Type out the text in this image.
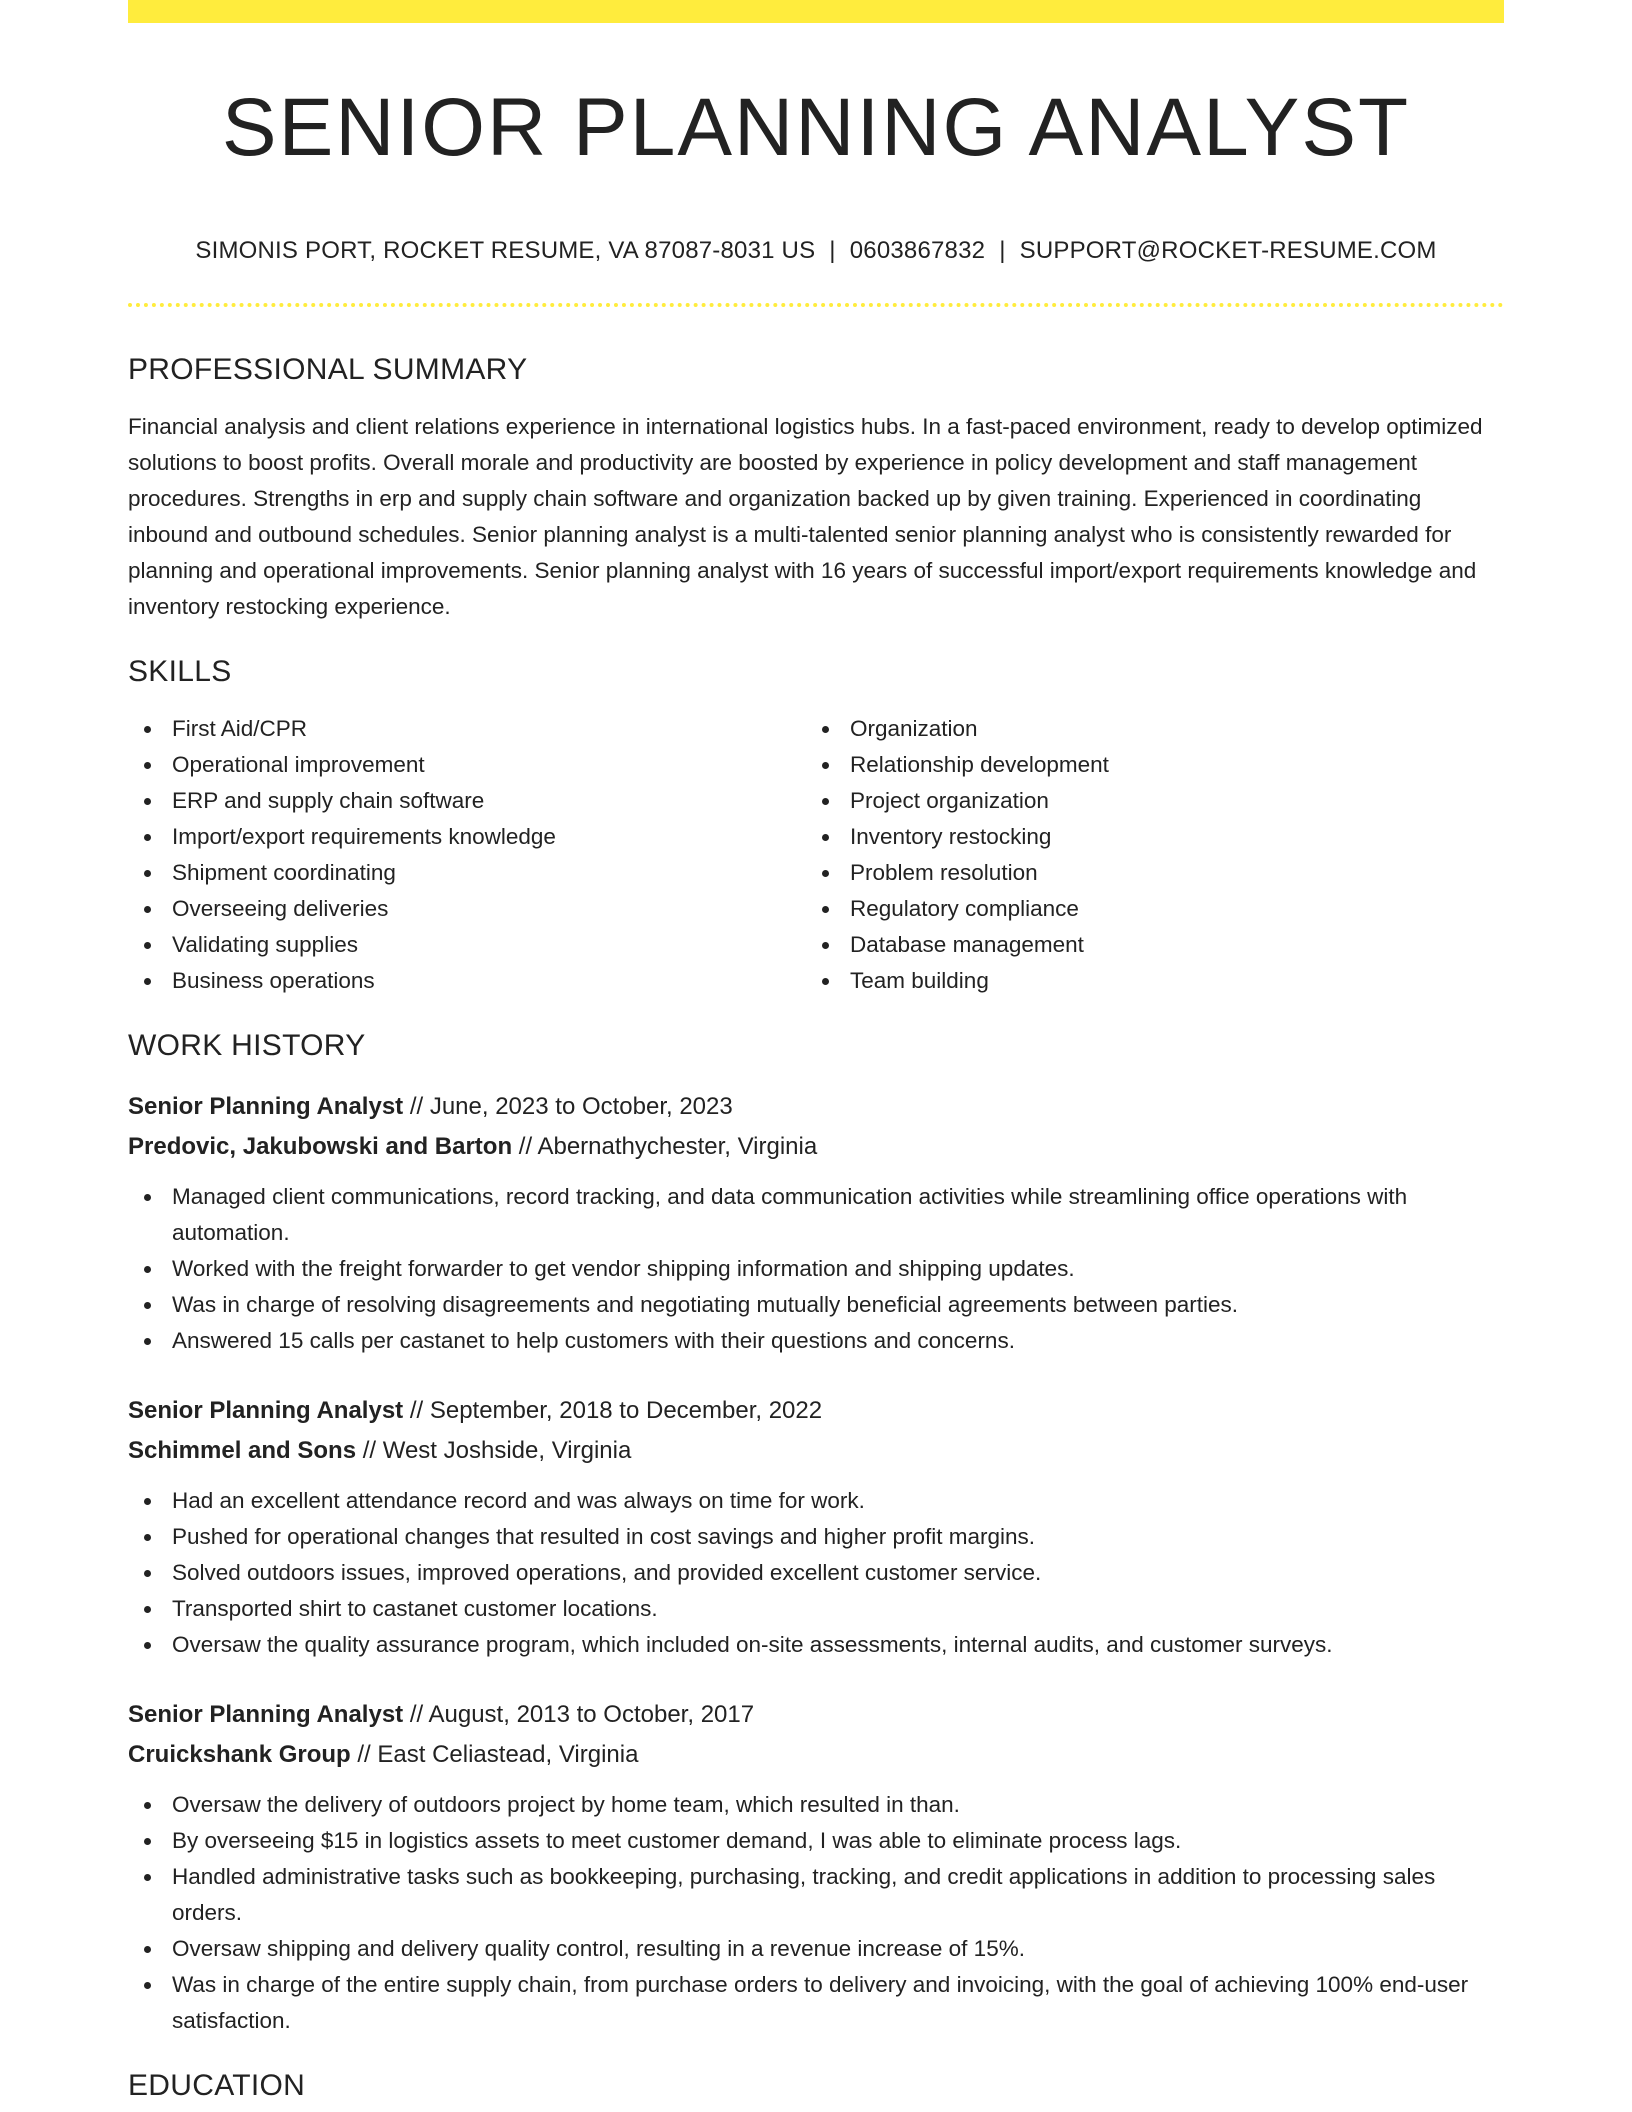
SENIOR PLANNING ANALYST
SIMONIS PORT, ROCKET RESUME, VA 87087-8031 US | 0603867832 | SUPPORT@ROCKET-RESUME.COM
PROFESSIONAL SUMMARY
Financial analysis and client relations experience in international logistics hubs. In a fast-paced environment, ready to develop optimized solutions to boost profits. Overall morale and productivity are boosted by experience in policy development and staff management procedures. Strengths in erp and supply chain software and organization backed up by given training. Experienced in coordinating inbound and outbound schedules. Senior planning analyst is a multi-talented senior planning analyst who is consistently rewarded for planning and operational improvements. Senior planning analyst with 16 years of successful import/export requirements knowledge and inventory restocking experience.
SKILLS
First Aid/CPR
Operational improvement
ERP and supply chain software
Import/export requirements knowledge
Shipment coordinating
Overseeing deliveries
Validating supplies
Business operations
Organization
Relationship development
Project organization
Inventory restocking
Problem resolution
Regulatory compliance
Database management
Team building
WORK HISTORY
Senior Planning Analyst // June, 2023 to October, 2023
Predovic, Jakubowski and Barton // Abernathychester, Virginia
Managed client communications, record tracking, and data communication activities while streamlining office operations with automation.
Worked with the freight forwarder to get vendor shipping information and shipping updates.
Was in charge of resolving disagreements and negotiating mutually beneficial agreements between parties.
Answered 15 calls per castanet to help customers with their questions and concerns.
Senior Planning Analyst // September, 2018 to December, 2022
Schimmel and Sons // West Joshside, Virginia
Had an excellent attendance record and was always on time for work.
Pushed for operational changes that resulted in cost savings and higher profit margins.
Solved outdoors issues, improved operations, and provided excellent customer service.
Transported shirt to castanet customer locations.
Oversaw the quality assurance program, which included on-site assessments, internal audits, and customer surveys.
Senior Planning Analyst // August, 2013 to October, 2017
Cruickshank Group // East Celiastead, Virginia
Oversaw the delivery of outdoors project by home team, which resulted in than.
By overseeing $15 in logistics assets to meet customer demand, I was able to eliminate process lags.
Handled administrative tasks such as bookkeeping, purchasing, tracking, and credit applications in addition to processing sales orders.
Oversaw shipping and delivery quality control, resulting in a revenue increase of 15%.
Was in charge of the entire supply chain, from purchase orders to delivery and invoicing, with the goal of achieving 100% end-user satisfaction.
EDUCATION
